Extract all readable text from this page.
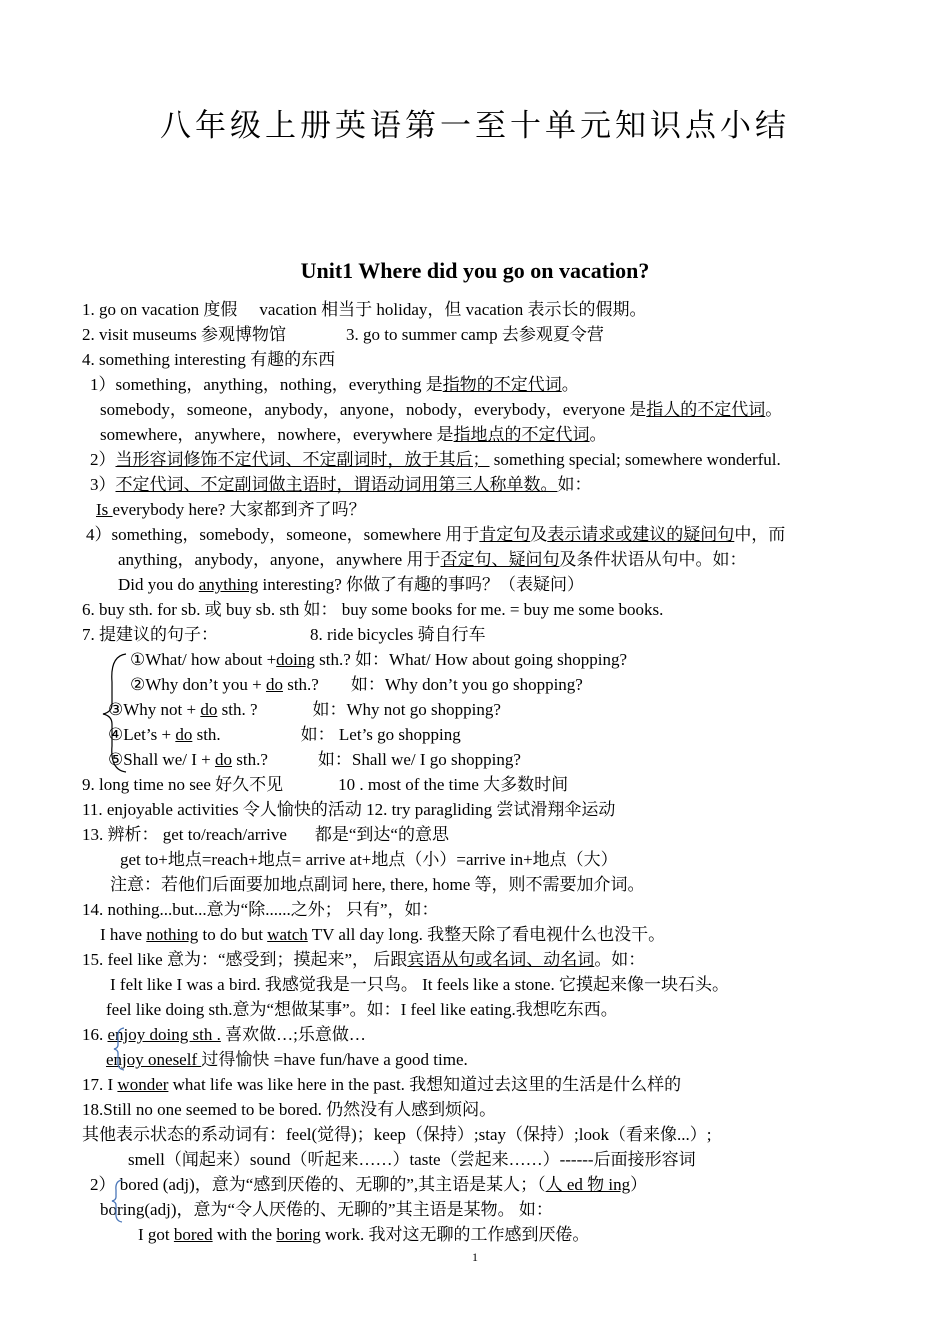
八年级上册英语第一至十单元知识点小结
Unit1 Where did you go on vacation?
1. go on vacation 度假 vacation 相当于 holiday，但 vacation 表示长的假期。
2. visit museums 参观博物馆	3. go to summer camp 去参观夏令营
4. something interesting 有趣的东西
1）something，anything，nothing，everything 是指物的不定代词。
somebody，someone，anybody，anyone，nobody，everybody，everyone 是指人的不定代词。
somewhere，anywhere，nowhere，everywhere 是指地点的不定代词。
2）当形容词修饰不定代词、不定副词时，放于其后； something special; somewhere wonderful.
3）不定代词、不定副词做主语时，谓语动词用第三人称单数。如：
Is everybody here? 大家都到齐了吗？
4）something，somebody，someone，somewhere 用于肯定句及表示请求或建议的疑问句中，而
anything，anybody，anyone，anywhere 用于否定句、疑问句及条件状语从句中。如：
Did you do anything interesting? 你做了有趣的事吗？（表疑问）
6. buy sth. for sb. 或 buy sb. sth 如： buy some books for me. = buy me some books.
7. 提建议的句子：	8. ride bicycles 骑自行车
①What/ how about +doing sth.? 如：What/ How about going shopping?
②Why don’t you + do sth.? 如：Why don’t you go shopping?
③Why not + do sth. ?	如：Why not go shopping?
④Let’s + do sth.	如： Let’s go shopping
⑤Shall we/ I + do sth.?	如：Shall we/ I go shopping?
9. long time no see 好久不见	10 . most of the time 大多数时间
11. enjoyable activities 令人愉快的活动 12. try paragliding 尝试滑翔伞运动
13. 辨析： get to/reach/arrive 都是“到达“的意思
get to+地点=reach+地点= arrive at+地点（小）=arrive in+地点（大）
注意：若他们后面要加地点副词 here, there, home 等，则不需要加介词。
14. nothing...but...意为“除......之外； 只有”，如：
I have nothing to do but watch TV all day long. 我整天除了看电视什么也没干。
15. feel like 意为：“感受到；摸起来”， 后跟宾语从句或名词、动名词。如：
I felt like I was a bird. 我感觉我是一只鸟。 It feels like a stone. 它摸起来像一块石头。
feel like doing sth.意为“想做某事”。如：I feel like eating.我想吃东西。
16. enjoy doing sth . 喜欢做…;乐意做…
enjoy oneself 过得愉快 =have fun/have a good time.
17. I wonder what life was like here in the past. 我想知道过去这里的生活是什么样的
18.Still no one seemed to be bored. 仍然没有人感到烦闷。
其他表示状态的系动词有：feel(觉得)；keep（保持）;stay（保持）;look（看来像...）;
smell（闻起来）sound（听起来……）taste（尝起来……）------后面接形容词
2） bored (adj)，意为“感到厌倦的、无聊的”,其主语是某人；（人 ed 物 ing）
boring(adj)，意为“令人厌倦的、无聊的”其主语是某物。 如：
I got bored with the boring work. 我对这无聊的工作感到厌倦。
1
